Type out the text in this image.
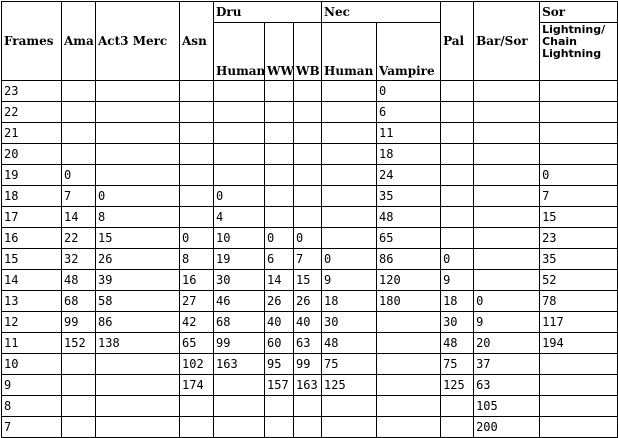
Frames	Ama	Act3 Merc	Asn	Dru			Nec		Pal	Bar/Sor	Sor
				Human	WW	WB	Human	Vampire			Lightning/ Chain Lightning
23								0			
22								6			
21								11			
20								18			
19	0							24			0
18	7	0		0				35			7
17	14	8		4				48			15
16	22	15	0	10	0	0		65			23
15	32	26	8	19	6	7	0	86	0		35
14	48	39	16	30	14	15	9	120	9		52
13	68	58	27	46	26	26	18	180	18	0	78
12	99	86	42	68	40	40	30		30	9	117
11	152	138	65	99	60	63	48		48	20	194
10			102	163	95	99	75		75	37	
9			174		157	163	125		125	63	
8										105	
7										200	
